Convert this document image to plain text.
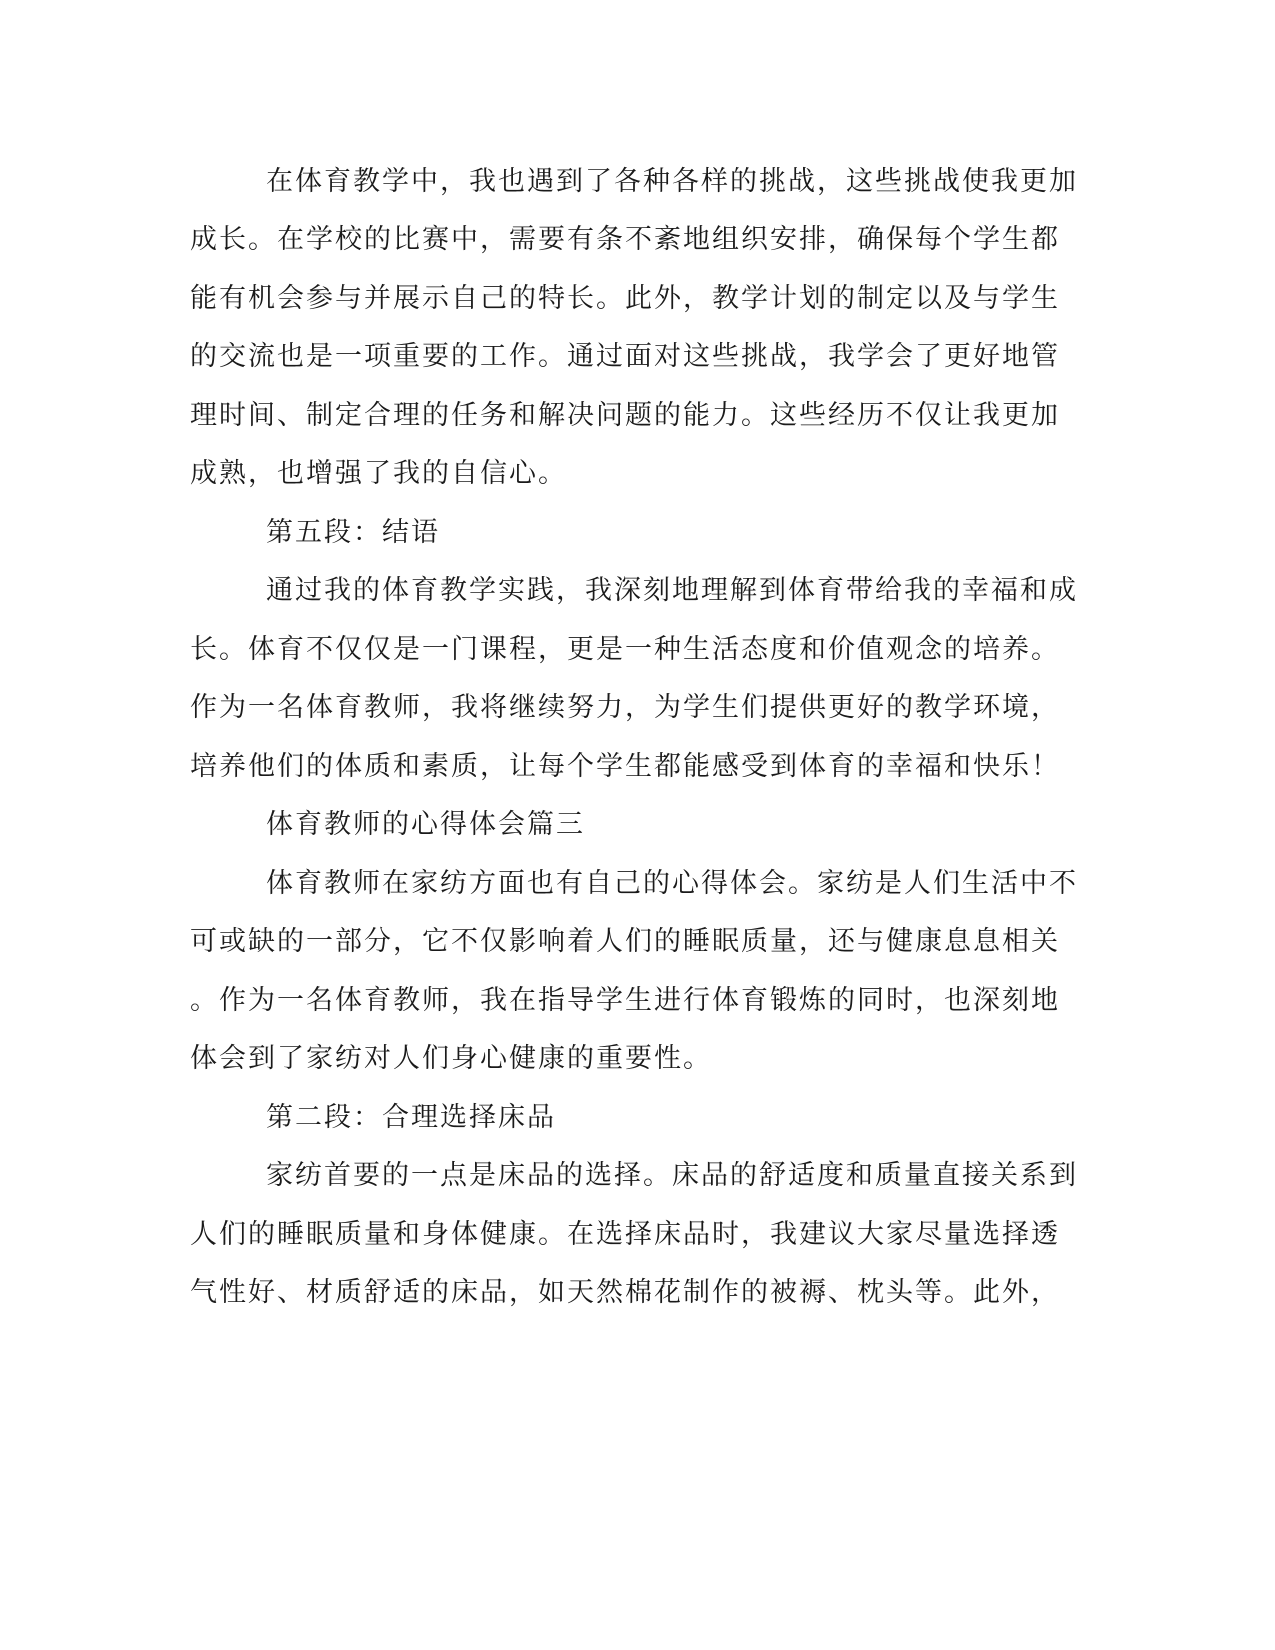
在体育教学中，我也遇到了各种各样的挑战，这些挑战使我更加
成长。在学校的比赛中，需要有条不紊地组织安排，确保每个学生都
能有机会参与并展示自己的特长。此外，教学计划的制定以及与学生
的交流也是一项重要的工作。通过面对这些挑战，我学会了更好地管
理时间、制定合理的任务和解决问题的能力。这些经历不仅让我更加
成熟，也增强了我的自信心。
第五段：结语
通过我的体育教学实践，我深刻地理解到体育带给我的幸福和成
长。体育不仅仅是一门课程，更是一种生活态度和价值观念的培养。
作为一名体育教师，我将继续努力，为学生们提供更好的教学环境，
培养他们的体质和素质，让每个学生都能感受到体育的幸福和快乐！
体育教师的心得体会篇三
体育教师在家纺方面也有自己的心得体会。家纺是人们生活中不
可或缺的一部分，它不仅影响着人们的睡眠质量，还与健康息息相关
。作为一名体育教师，我在指导学生进行体育锻炼的同时，也深刻地
体会到了家纺对人们身心健康的重要性。
第二段：合理选择床品
家纺首要的一点是床品的选择。床品的舒适度和质量直接关系到
人们的睡眠质量和身体健康。在选择床品时，我建议大家尽量选择透
气性好、材质舒适的床品，如天然棉花制作的被褥、枕头等。此外，
